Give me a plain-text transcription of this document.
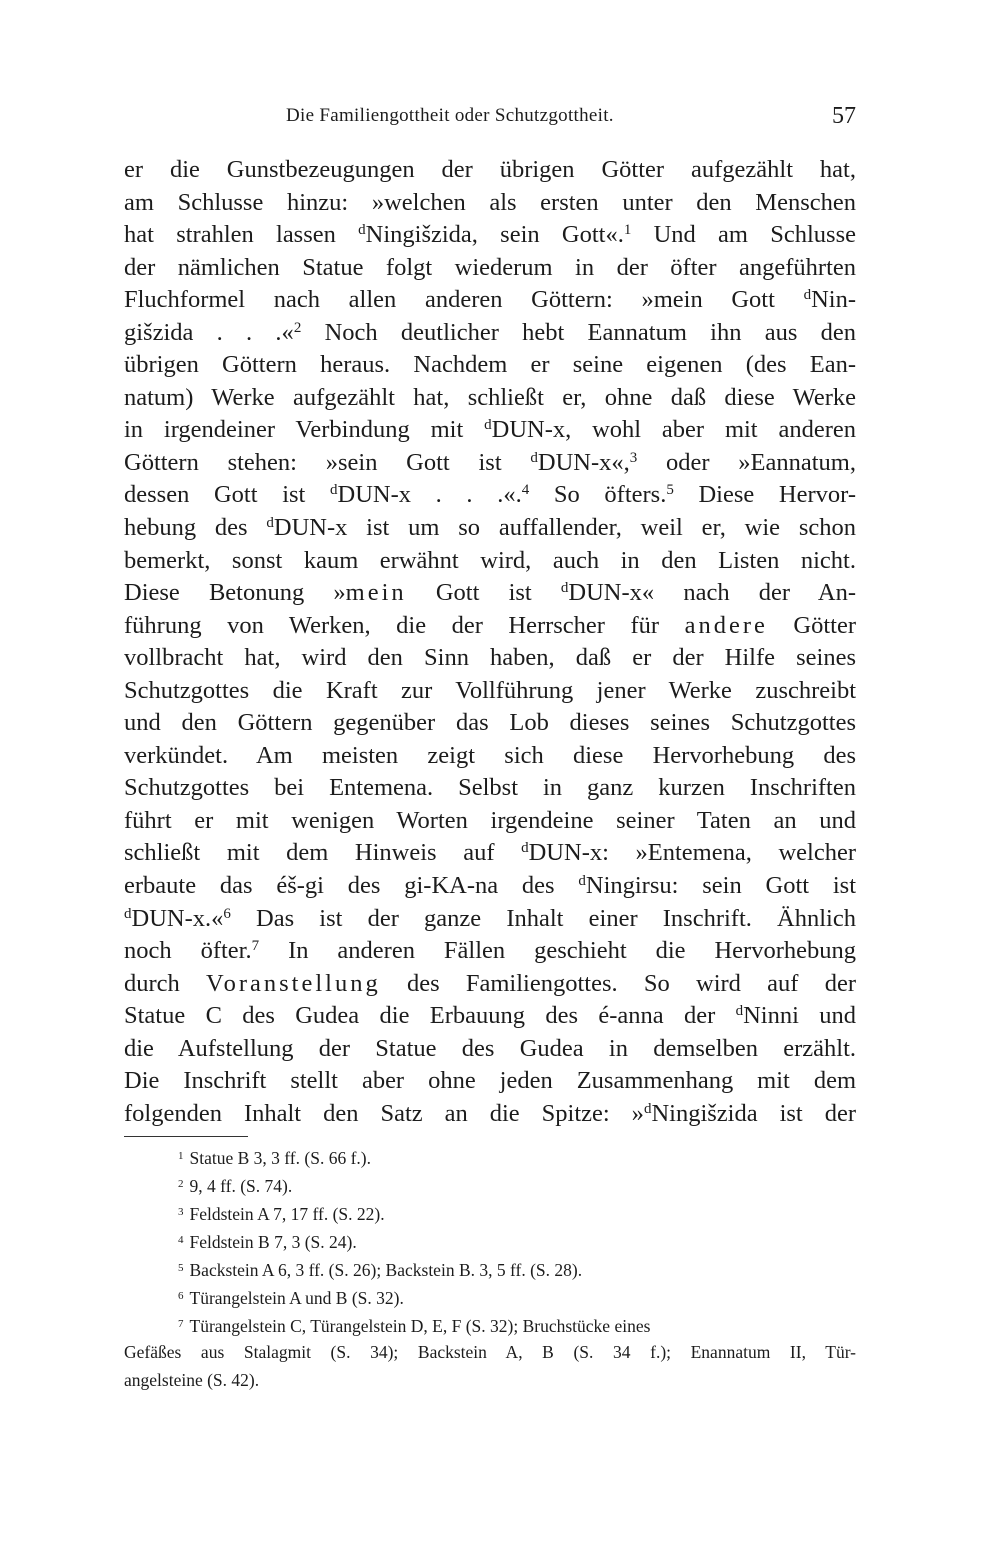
Die Familiengottheit oder Schutzgottheit.	57
er die Gunstbezeugungen der übrigen Götter aufgezählt hat,
am Schlusse hinzu: »welchen als ersten unter den Menschen
hat strahlen lassen $^d$Ningišzida, sein Gott«.$^1$ Und am Schlusse
der nämlichen Statue folgt wiederum in der öfter angeführten
Fluchformel nach allen anderen Göttern: »mein Gott $^d$Nin-
gišzida . . .«$^2$ Noch deutlicher hebt Eannatum ihn aus den
übrigen Göttern heraus. Nachdem er seine eigenen (des Ean-
natum) Werke aufgezählt hat, schließt er, ohne daß diese Werke
in irgendeiner Verbindung mit $^d$DUN-x, wohl aber mit anderen
Göttern stehen: »sein Gott ist $^d$DUN-x«,$^3$ oder »Eannatum,
dessen Gott ist $^d$DUN-x . . .«.$^4$ So öfters.$^5$ Diese Hervor-
hebung des $^d$DUN-x ist um so auffallender, weil er, wie schon
bemerkt, sonst kaum erwähnt wird, auch in den Listen nicht.
Diese Betonung »mein Gott ist $^d$DUN-x« nach der An-
führung von Werken, die der Herrscher für andere Götter
vollbracht hat, wird den Sinn haben, daß er der Hilfe seines
Schutzgottes die Kraft zur Vollführung jener Werke zuschreibt
und den Göttern gegenüber das Lob dieses seines Schutzgottes
verkündet. Am meisten zeigt sich diese Hervorhebung des
Schutzgottes bei Entemena. Selbst in ganz kurzen Inschriften
führt er mit wenigen Worten irgendeine seiner Taten an und
schließt mit dem Hinweis auf $^d$DUN-x: »Entemena, welcher
erbaute das éš-gi des gi-KA-na des $^d$Ningirsu: sein Gott ist
$^d$DUN-x.«$^6$ Das ist der ganze Inhalt einer Inschrift. Ähnlich
noch öfter.$^7$ In anderen Fällen geschieht die Hervorhebung
durch Voranstellung des Familiengottes. So wird auf der
Statue C des Gudea die Erbauung des é-anna der $^d$Ninni und
die Aufstellung der Statue des Gudea in demselben erzählt.
Die Inschrift stellt aber ohne jeden Zusammenhang mit dem
folgenden Inhalt den Satz an die Spitze: »$^d$Ningišzida ist der
$^1$ Statue B 3, 3 ff. (S. 66 f.).
$^2$ 9, 4 ff. (S. 74).
$^3$ Feldstein A 7, 17 ff. (S. 22).
$^4$ Feldstein B 7, 3 (S. 24).
$^5$ Backstein A 6, 3 ff. (S. 26); Backstein B. 3, 5 ff. (S. 28).
$^6$ Türangelstein A und B (S. 32).
$^7$ Türangelstein C, Türangelstein D, E, F (S. 32); Bruchstücke eines
Gefäßes aus Stalagmit (S. 34); Backstein A, B (S. 34 f.); Enannatum II, Tür-
angelsteine (S. 42).
